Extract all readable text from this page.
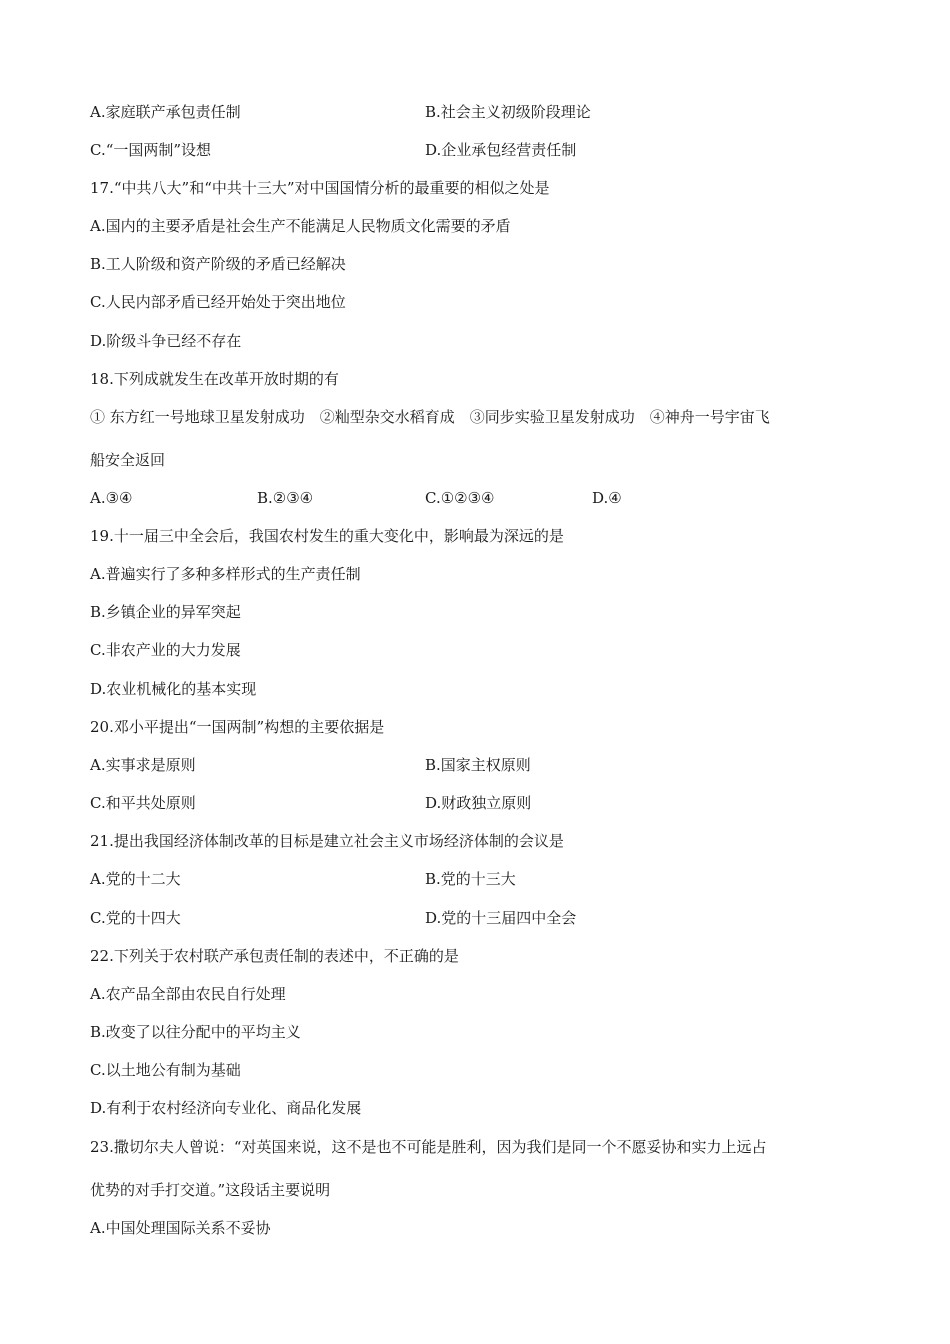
A.家庭联产承包责任制	B.社会主义初级阶段理论
C.“一国两制”设想	D.企业承包经营责任制
17.“中共八大”和“中共十三大”对中国国情分析的最重要的相似之处是
A.国内的主要矛盾是社会生产不能满足人民物质文化需要的矛盾
B.工人阶级和资产阶级的矛盾已经解决
C.人民内部矛盾已经开始处于突出地位
D.阶级斗争已经不存在
18.下列成就发生在改革开放时期的有
① 东方红一号地球卫星发射成功　②籼型杂交水稻育成　③同步实验卫星发射成功　④神舟一号宇宙飞
船安全返回
A.③④	B.②③④	C.①②③④	D.④
19.十一届三中全会后，我国农村发生的重大变化中，影响最为深远的是
A.普遍实行了多种多样形式的生产责任制
B.乡镇企业的异军突起
C.非农产业的大力发展
D.农业机械化的基本实现
20.邓小平提出“一国两制”构想的主要依据是
A.实事求是原则	B.国家主权原则
C.和平共处原则	D.财政独立原则
21.提出我国经济体制改革的目标是建立社会主义市场经济体制的会议是
A.党的十二大	B.党的十三大
C.党的十四大	D.党的十三届四中全会
22.下列关于农村联产承包责任制的表述中，不正确的是
A.农产品全部由农民自行处理
B.改变了以往分配中的平均主义
C.以土地公有制为基础
D.有利于农村经济向专业化、商品化发展
23.撒切尔夫人曾说：“对英国来说，这不是也不可能是胜利，因为我们是同一个不愿妥协和实力上远占
优势的对手打交道。”这段话主要说明
A.中国处理国际关系不妥协
